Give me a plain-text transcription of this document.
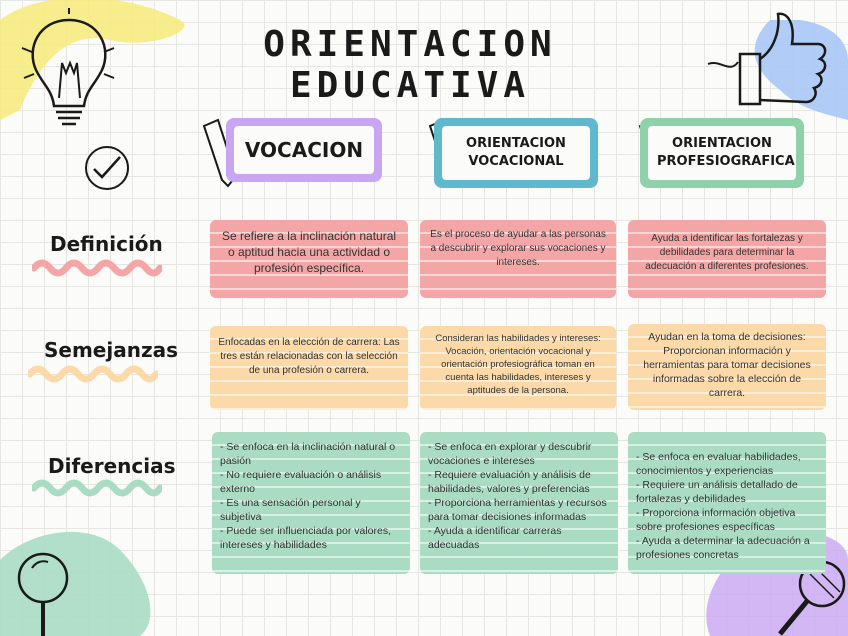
ORIENTACION EDUCATIVA
VOCACION	ORIENTACION VOCACIONAL
ORIENTACION PROFESIOGRAFICA
Definición
Semejanzas
Diferencias

Se refiere a la inclinación natural o aptitud hacia una actividad o profesión específica.

Es el proceso de ayudar a las personas a descubrir y explorar sus vocaciones y intereses.

Ayuda a identificar las fortalezas y debilidades para determinar la adecuación a diferentes profesiones.

Enfocadas en la elección de carrera: Las tres están relacionadas con la selección de una profesión o carrera.

Consideran las habilidades y intereses: Vocación, orientación vocacional y orientación profesiográfica toman en cuenta las habilidades, intereses y aptitudes de la persona.

Ayudan en la toma de decisiones: Proporcionan información y herramientas para tomar decisiones informadas sobre la elección de carrera.

- Se enfoca en la inclinación natural o pasión

- No requiere evaluación o análisis externo

- Es una sensación personal y subjetiva

- Puede ser influenciada por valores, intereses y habilidades

- Se enfoca en explorar y descubrir vocaciones e intereses

- Requiere evaluación y análisis de habilidades, valores y preferencias

- Proporciona herramientas y recursos para tomar decisiones informadas

- Ayuda a identificar carreras adecuadas

- Se enfoca en evaluar habilidades, conocimientos y experiencias

- Requiere un análisis detallado de fortalezas y debilidades

- Proporciona información objetiva sobre profesiones específicas

- Ayuda a determinar la adecuación a profesiones concretas
